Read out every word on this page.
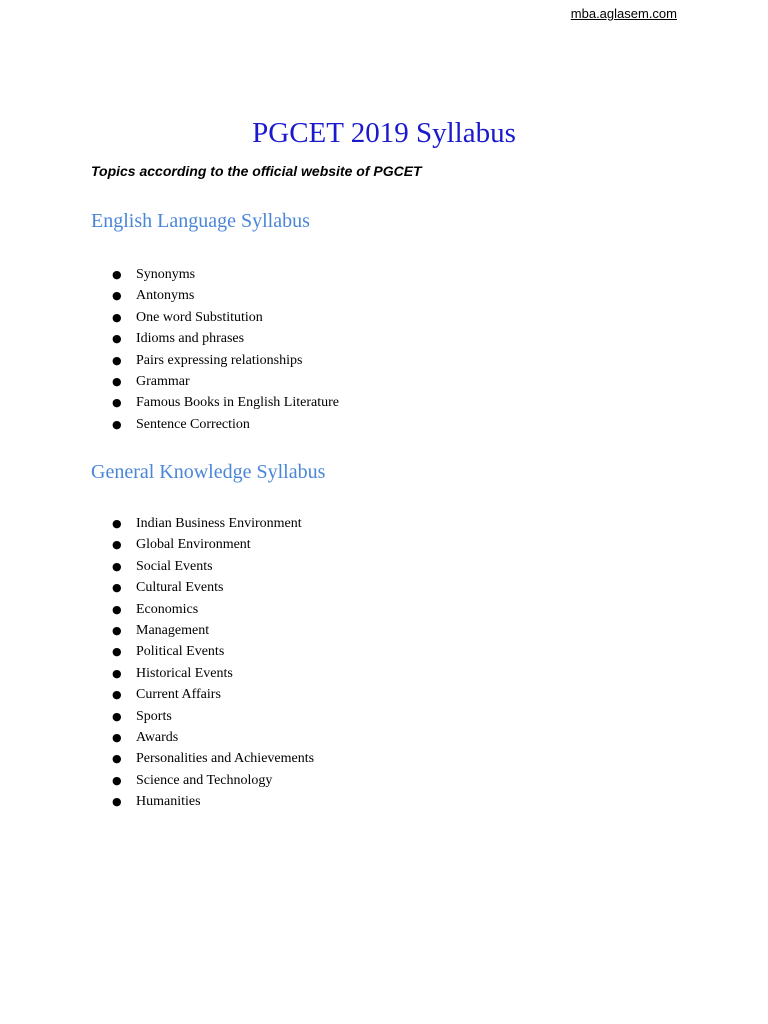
mba.aglasem.com
PGCET 2019 Syllabus

Topics according to the official website of PGCET

English Language Syllabus
● Synonyms
● Antonyms
● One word Substitution
● Idioms and phrases
● Pairs expressing relationships
● Grammar
● Famous Books in English Literature
● Sentence Correction
General Knowledge Syllabus
● Indian Business Environment
● Global Environment
● Social Events
● Cultural Events
● Economics
● Management
● Political Events
● Historical Events
● Current Affairs
● Sports
● Awards
● Personalities and Achievements
● Science and Technology
● Humanities
